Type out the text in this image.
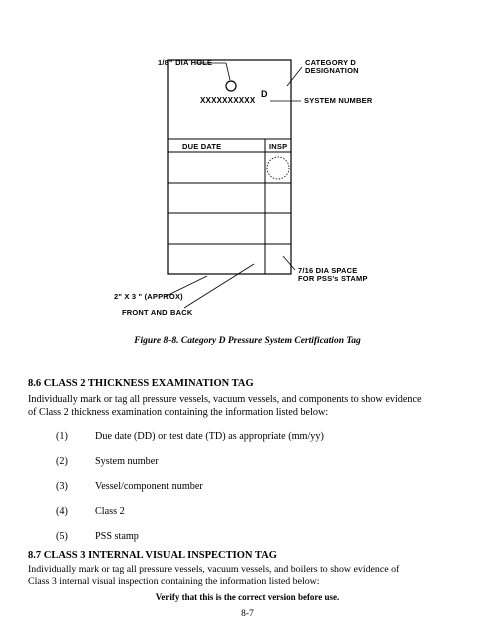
1/8" DIA HOLE	CATEGORY D
DESIGNATION
D
XXXXXXXXXX	SYSTEM NUMBER
DUE DATE	INSP
7/16 DIA SPACE
FOR PSS's STAMP
2" X 3 " (APPROX)
FRONT AND BACK
Figure 8-8. Category D Pressure System Certification Tag
8.6 CLASS 2 THICKNESS EXAMINATION TAG
Individually mark or tag all pressure vessels, vacuum vessels, and components to show evidence
of Class 2 thickness examination containing the information listed below:
(1)	Due date (DD) or test date (TD) as appropriate (mm/yy)
(2)	System number
(3)	Vessel/component number
(4)	Class 2
(5)	PSS stamp
8.7 CLASS 3 INTERNAL VISUAL INSPECTION TAG
Individually mark or tag all pressure vessels, vacuum vessels, and boilers to show evidence of
Class 3 internal visual inspection containing the information listed below:
Verify that this is the correct version before use.
8-7
